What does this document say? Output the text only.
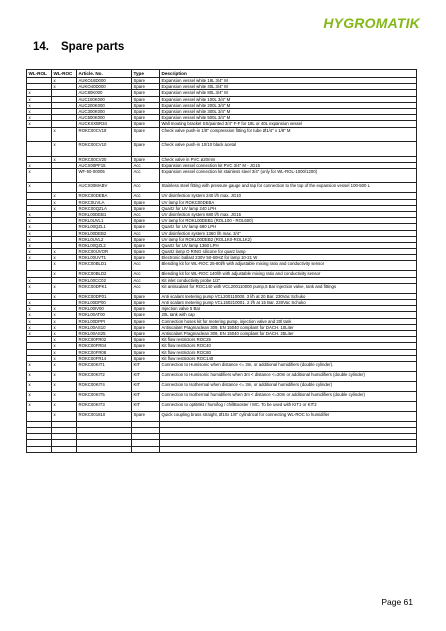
HYGROMATIK
14. Spare parts
WL-ROL	WL-ROC	Article. No.	Type	Description
	x	AUKO18D000	Spare	Expansion vessel white 18L 3/4" M
	x	AUKO40D000	Spare	Expansion vessel white 40L 3/4" M
x		AUC80K000	Spare	Expansion vessel white 80L 3/4" M
x		AUC100K000	Spare	Expansion vessel white 100L 3/4" M
x		AUC200K000	Spare	Expansion vessel white 200L 3/4" M
x		AUC300K000	Spare	Expansion vessel white 300L 3/4" M
x		AUC500K000	Spare	Expansion vessel white 500L 3/4" M
x		AUCKXXBR34	Spare	Wall mouting bracket SS/painted 3/4" F-F for 18L or 40L expansion vessel
	x	ROKC00CV18	Spare	Check valve push-in 1/8" compression fitting for tube Ø1/4" x 1/8" M
	x	ROKC00CV10	Spare	Check valve push-in 10/10 black acetal
	x	ROKC00CV20	Spare	Check valve in PVC ø20mm
x		AUCX00PF15	Acc	Expansion vessel connection kit PVC 3/4" M - JG15
x		WF-50-00005	Acc	Expansion vessel connection kit stainless steel 3/4" (only for WL-ROL-1000/1200)
x		AUCX00MABV	Acc	Stainless steel fitting with pressure gauge and tap for connection to the top of the expansion vessel 100-500 L
	x	ROKC00DEBA	Acc	UV disinfection system 240 l/h max. JG10
	x	ROKC0UVLA	Spare	UV lamp for ROKC00DEBA
	x	ROKC00QZLA	Spare	Quartz for UV lamp 240 LPH
x		ROKL00DEB1	Acc	UV disinfection system 680 l/h max. JG15
x		ROKL0UVL1	Spare	UV lamp for ROKL00DEB1 (ROL100 - ROL600)
x		ROKL00QZL1	Spare	Quartz for UV lamp 680 LPH
x		ROKL00DEB2	Acc	UV disinfection system 1360 l/h max. 3/4"
x		ROKL0UVL2	Spare	UV lamp for ROKL00DEB2 (ROL1K0-ROL1K2)
x		ROKL00QZL2	Spare	Quartz for UV lamp 1360 LPH
x	x	ROKC00UVOR	Spare	Quartz lamp O RING silicone for quarz lamp
x	x	ROKL00UVT1	Spare	Electronic ballast 230V 50-60HZ for lamp 10-21 W
	x	ROKC00BLD1	Acc	Blending kit for WL-ROC 25-80l/h with adjustable mixing ratio and conductivity sensor
	x	ROKC00BLD2	Acc	Blending kit for WL-ROC 140l/h with adjustable mixing ratio and conductivity sensor
x		ROKL00CC02	Acc	Kit inlet conductivity probe 1/2"
x	x	ROKC00DPK1	Acc	Kit antiscalant for ROC140 with VCL200110000 pump,5 Bar injection valve, tank and fittings
	x	ROKC00DP01	Spare	Anti scalant metering pump VCL200110000. 3 l/h at 20 Bar. 230Vac Schuko
x		ROKL00DP00	Spare	Anti scalant metering pump VCL150210001. 2 l/h at 15 Bar. 230Vac Schuko
x	x	ROKL00IV00	Spare	Injection valve 5 Bar
x	x	ROKL00AT00	Spare	20L tank with cap
x	x	ROKL00DPPI	Spare	Connection hoses kit for metering pump, injection valve and 20l tank
x	x	ROKL00AS10	Spare	Antiscalant Pragmaclean 309, EN 15040 compliant for DACH. 10Liter
x	x	ROKL00AS25	Spare	Antiscalant Pragmaclean 309, EN 15040 compliant for DACH. 25Liter
	x	ROKC00FR02	Spare	Kit flow restrictors ROC25
	x	ROKC00FR04	Spare	Kit flow restrictors ROC40
	x	ROKC00FR08	Spare	Kit flow restrictors ROC80
	x	ROKC00FR14	Spare	Kit flow restrictors ROC140
x	x	ROKC00KIT1	KIT	Connection to Humisonic when distance <= 3m, or additional humidifiers (double cylinder).
x	x	ROKC00KIT2	KIT	Connection to Humisonic humidifiers when 3m < distance <=20m or additional humidifiers (double cylinder)
x	x	ROKC00KIT4	KIT	Connection to Isothermal when distance <= 3m, or additional humidifiers (double cylinder)
x	x	ROKC00KIT5	KIT	Connection to Isothermal humidifiers when 3m < distance <=20m or additional humidifiers (double cylinder)
x	x	ROKC00KIT3	KIT	Connection to optiMist / humifog / chillBooster / MC. To be used with KIT1 or KIT2
	x	ROKC001810	Spare	Quick coupling brass straight, Ø10x 1/8" cylindrical for connecting WL-ROC to humidifier

Page 61
